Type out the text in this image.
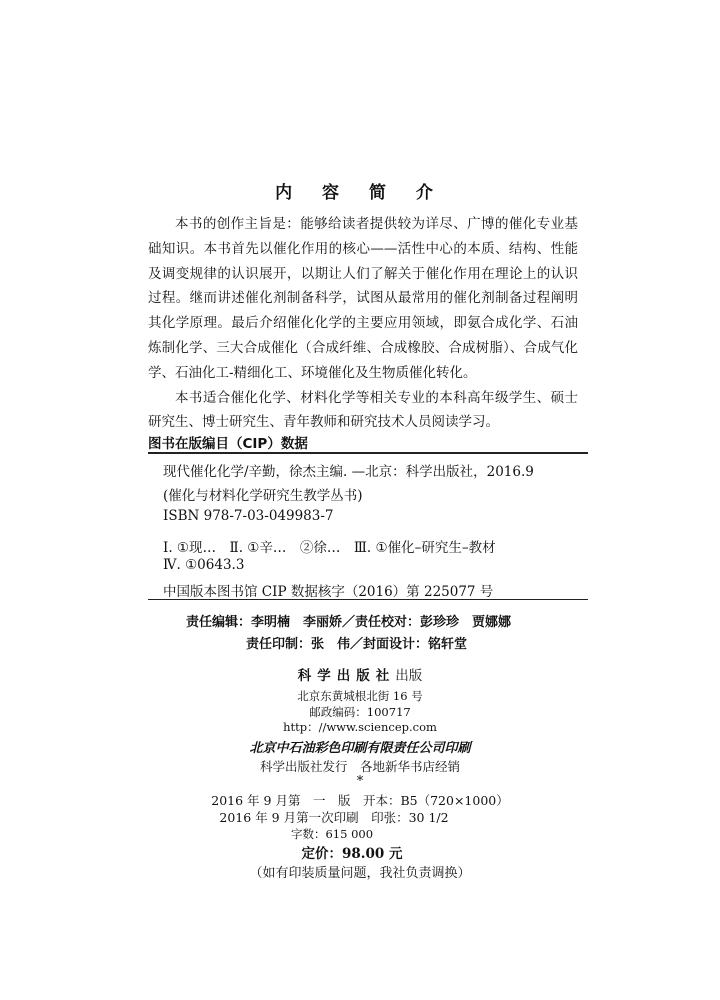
内 容 简 介

本书的创作主旨是：能够给读者提供较为详尽、广博的催化专业基础知识。本书首先以催化作用的核心——活性中心的本质、结构、性能及调变规律的认识展开，以期让人们了解关于催化作用在理论上的认识过程。继而讲述催化剂制备科学，试图从最常用的催化剂制备过程阐明其化学原理。最后介绍催化化学的主要应用领域，即氨合成化学、石油炼制化学、三大合成催化（合成纤维、合成橡胶、合成树脂）、合成气化学、石油化工-精细化工、环境催化及生物质催化转化。

本书适合催化化学、材料化学等相关专业的本科高年级学生、硕士研究生、博士研究生、青年教师和研究技术人员阅读学习。

图书在版编目（CIP）数据
现代催化化学/辛勤，徐杰主编. —北京：科学出版社，2016.9
(催化与材料化学研究生教学丛书)
ISBN 978-7-03-049983-7
Ⅰ. ①现…　Ⅱ. ①辛…　②徐…　Ⅲ. ①催化–研究生–教材
Ⅳ. ①0643.3
中国版本图书馆 CIP 数据核字（2016）第 225077 号
责任编辑：李明楠　李丽娇／责任校对：彭珍珍　贾娜娜
责任印制：张　伟／封面设计：铭轩堂
科学出版社出版
北京东黄城根北街 16 号
邮政编码：100717
http：//www.sciencep.com
北京中石油彩色印刷有限责任公司印刷
科学出版社发行　各地新华书店经销
*
2016 年 9 月第　一　版　开本：B5（720×1000）
2016 年 9 月第一次印刷　印张：30 1/2
字数：615 000
定价：98.00 元
（如有印装质量问题，我社负责调换）
